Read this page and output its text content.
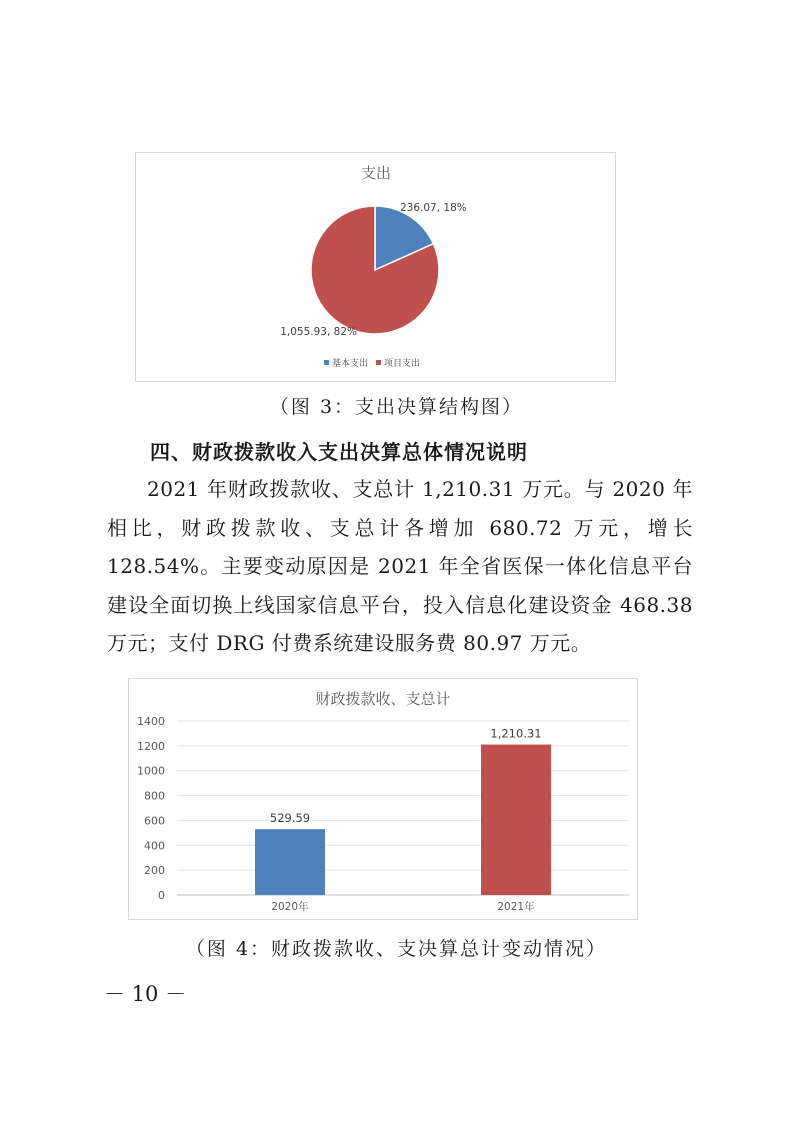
支出
236.07, 18%
1,055.93, 82%
基本支出 项目支出
（图 3：支出决算结构图）
四、财政拨款收入支出决算总体情况说明

2021 年财政拨款收、支总计 1,210.31 万元。与 2020 年相比，财政拨款收、支总计各增加 680.72 万元，增长 128.54%。主要变动原因是 2021 年全省医保一体化信息平台建设全面切换上线国家信息平台，投入信息化建设资金 468.38 万元；支付 DRG 付费系统建设服务费 80.97 万元。

财政拨款收、支总计
0
200
400
600
800
1000
1200
1400
529.59
1,210.31
2020年	2021年
（图 4：财政拨款收、支决算总计变动情况）
－ 10 －
